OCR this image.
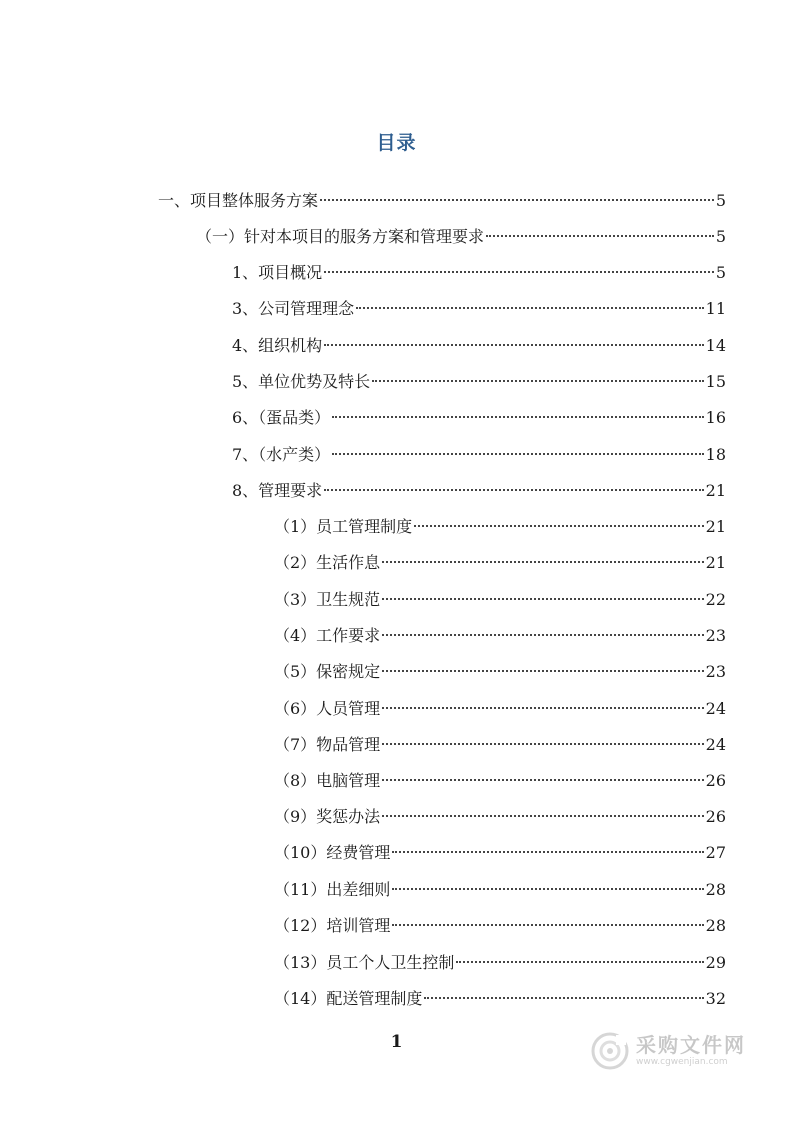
目录
一、项目整体服务方案	5
（一）针对本项目的服务方案和管理要求	5
1、项目概况	5
3、公司管理理念	11
4、组织机构	14
5、单位优势及特长	15
6、（蛋品类）	16
7、（水产类）	18
8、管理要求	21
（1）员工管理制度	21
（2）生活作息	21
（3）卫生规范	22
（4）工作要求	23
（5）保密规定	23
（6）人员管理	24
（7）物品管理	24
（8）电脑管理	26
（9）奖惩办法	26
（10）经费管理	27
（11）出差细则	28
（12）培训管理	28
（13）员工个人卫生控制	29
（14）配送管理制度	32
1	采购文件网
www.cgwenjian.com
